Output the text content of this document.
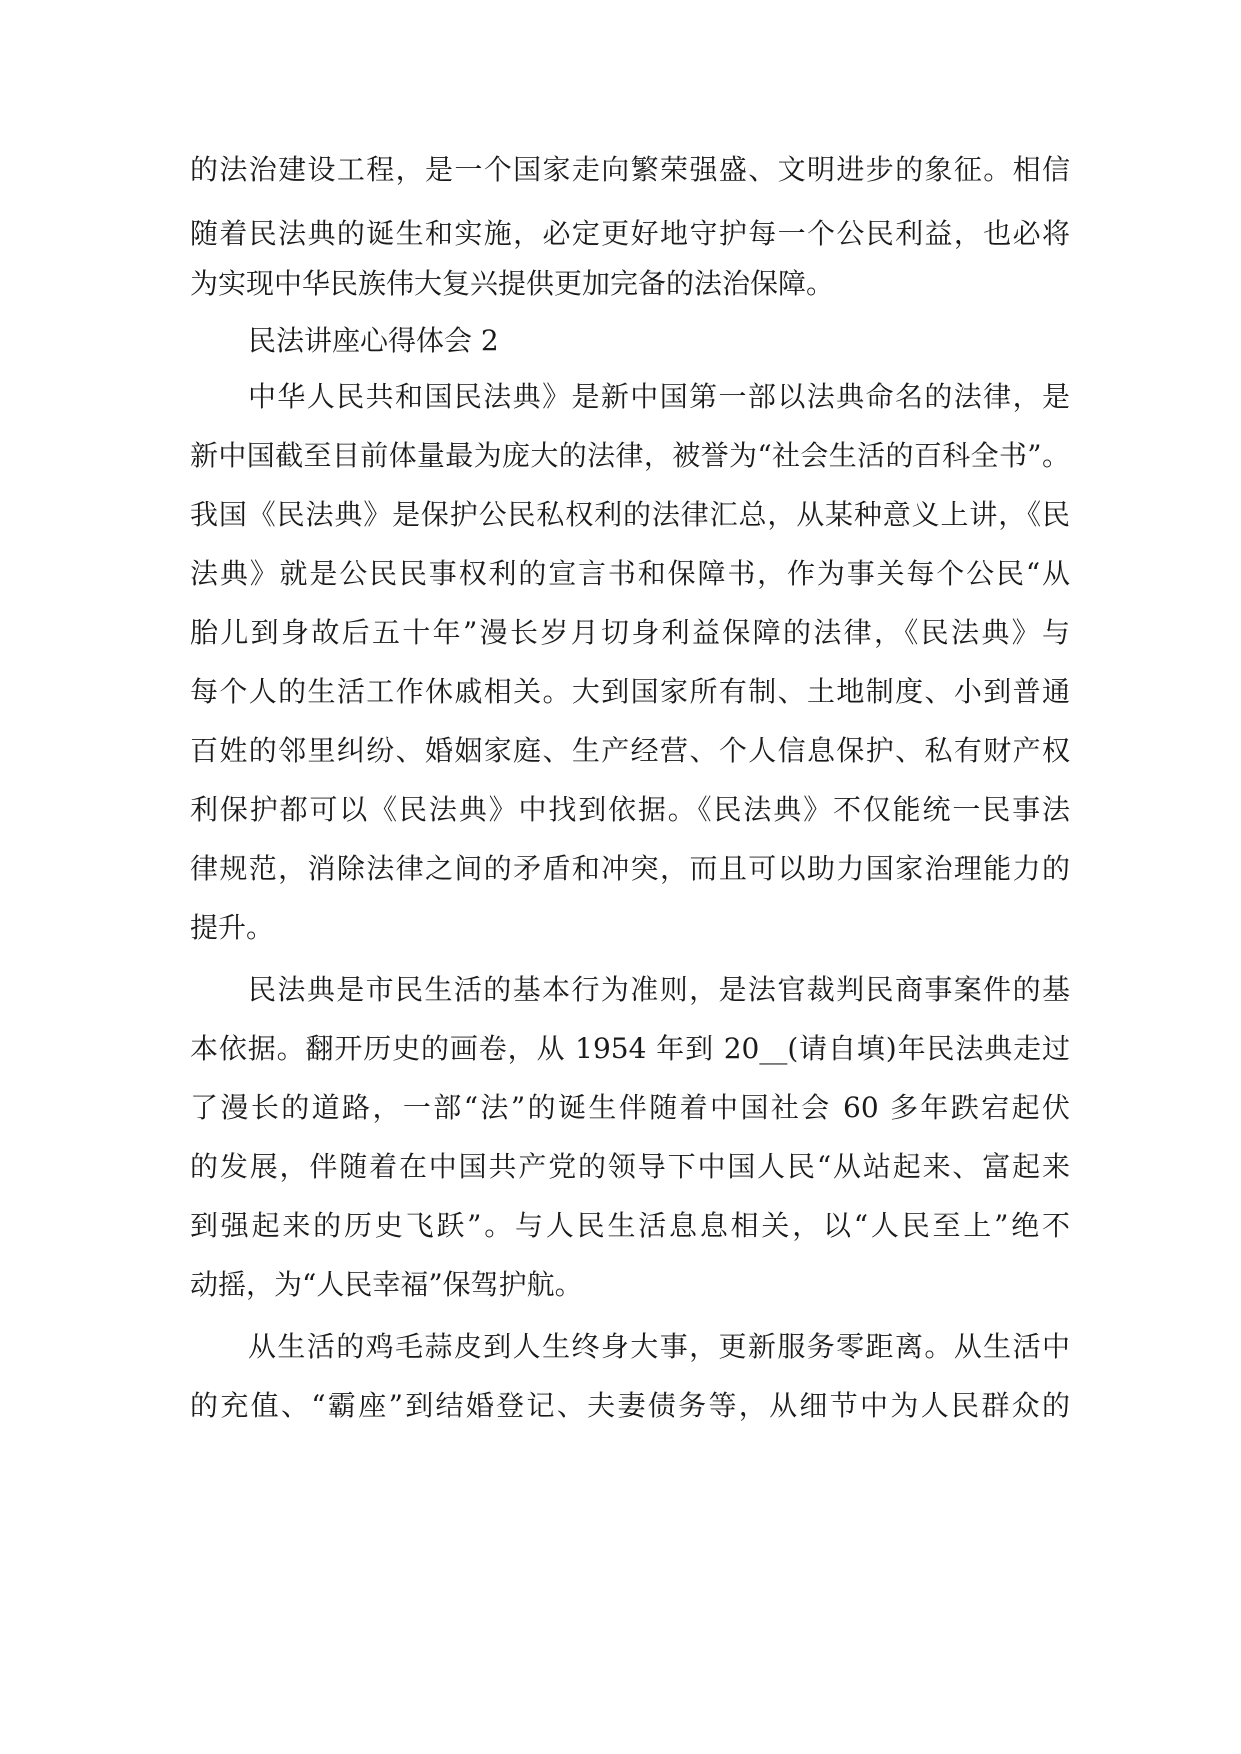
的法治建设工程，是一个国家走向繁荣强盛、文明进步的象征。相信
随着民法典的诞生和实施，必定更好地守护每一个公民利益，也必将
为实现中华民族伟大复兴提供更加完备的法治保障。
民法讲座心得体会 2
中华人民共和国民法典》是新中国第一部以法典命名的法律，是
新中国截至目前体量最为庞大的法律，被誉为“社会生活的百科全书”。
我国《民法典》是保护公民私权利的法律汇总，从某种意义上讲，《民
法典》就是公民民事权利的宣言书和保障书，作为事关每个公民“从
胎儿到身故后五十年”漫长岁月切身利益保障的法律，《民法典》与
每个人的生活工作休戚相关。大到国家所有制、土地制度、小到普通
百姓的邻里纠纷、婚姻家庭、生产经营、个人信息保护、私有财产权
利保护都可以《民法典》中找到依据。《民法典》不仅能统一民事法
律规范，消除法律之间的矛盾和冲突，而且可以助力国家治理能力的
提升。
民法典是市民生活的基本行为准则，是法官裁判民商事案件的基
本依据。翻开历史的画卷，从 1954 年到 20__(请自填)年民法典走过
了漫长的道路，一部“法”的诞生伴随着中国社会 60 多年跌宕起伏
的发展，伴随着在中国共产党的领导下中国人民“从站起来、富起来
到强起来的历史飞跃”。与人民生活息息相关，以“人民至上”绝不
动摇，为“人民幸福”保驾护航。
从生活的鸡毛蒜皮到人生终身大事，更新服务零距离。从生活中
的充值、“霸座”到结婚登记、夫妻债务等，从细节中为人民群众的
